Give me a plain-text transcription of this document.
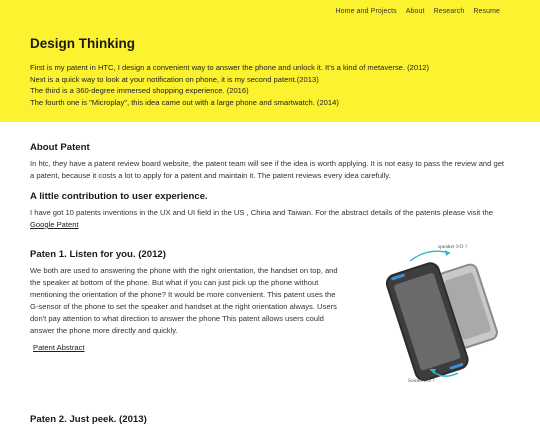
Home and Projects About Research Resume
Design Thinking

First is my patent in HTC, I design a convenient way to answer the phone and unlock it. It's a kind of metaverse. (2012)

Next is a quick way to look at your notification on phone, it is my second patent.(2013)

The third is a 360-degree immersed shopping experience. (2016)

The fourth one is "Microplay", this idea came out with a large phone and smartwatch. (2014)

About Patent

In htc, they have a patent review board website, the patent team will see if the idea is worth applying. It is not easy to pass the review and get a patent, because it costs a lot to apply for a patent and maintain it. The patent reviews every idea carefully.

A little contribution to user experience.

I have got 10 patents inventions in the UX and UI field in the US , China and Taiwan. For the abstract details of the patents please visit the Google Patent

Paten 1. Listen for you. (2012)

We both are used to answering the phone with the right orientation, the handset on top, and the speaker at bottom of the phone. But what if you can just pick up the phone without mentioning the orientation of the phone? It would be more convenient. This patent uses the G-sensor of the phone to set the speaker and handset at the right orientation always. Users don't pay attention to what direction to answer the phone This patent allows users could answer the phone more directly and quickly.

Patent Abstract
speaker I/O ?
Sound I/O ?
Paten 2. Just peek. (2013)
